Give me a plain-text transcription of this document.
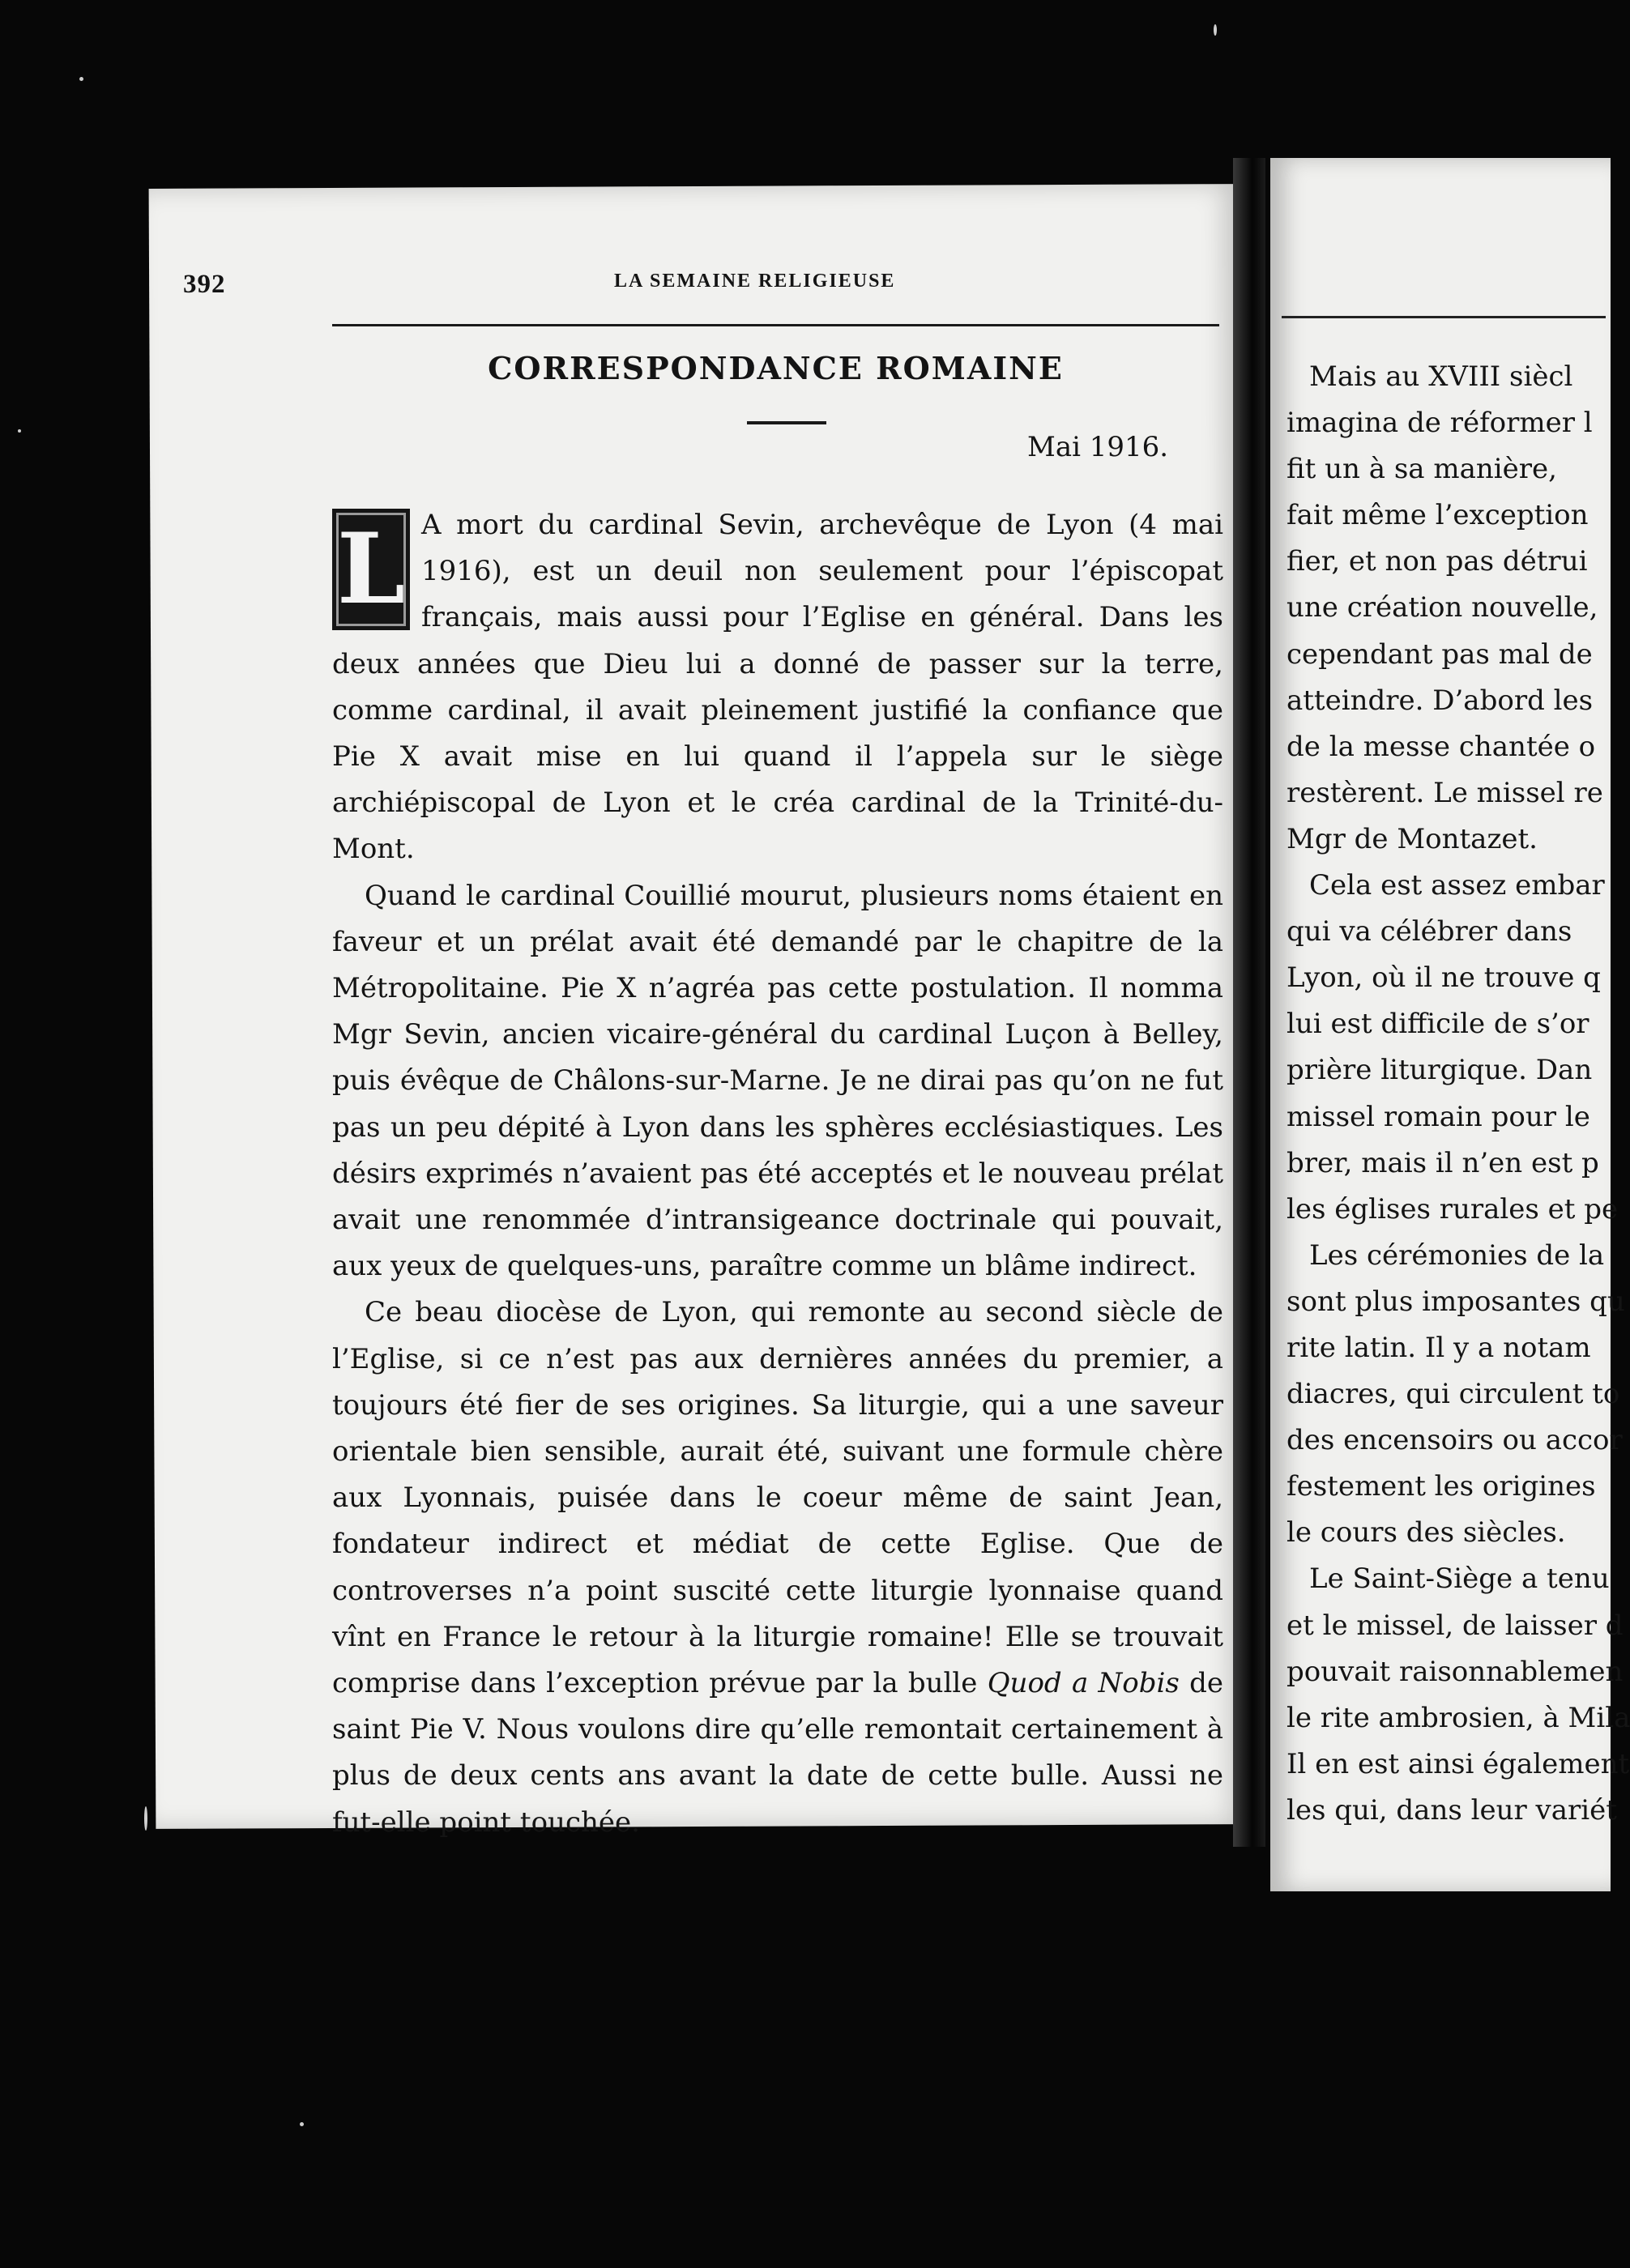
392	LA SEMAINE RELIGIEUSE
CORRESPONDANCE ROMAINE
Mai 1916.

L A mort du cardinal Sevin, archevêque de Lyon (4 mai 1916), est un deuil non seulement pour l’épiscopat français, mais aussi pour l’Eglise en général. Dans les deux années que Dieu lui a donné de passer sur la terre, comme cardinal, il avait pleinement justifié la confiance que Pie X avait mise en lui quand il l’appela sur le siège archiépiscopal de Lyon et le créa cardinal de la Trinité-du-Mont.

Quand le cardinal Couillié mourut, plusieurs noms étaient en faveur et un prélat avait été demandé par le chapitre de la Métropolitaine. Pie X n’agréa pas cette postulation. Il nomma Mgr Sevin, ancien vicaire-général du cardinal Luçon à Belley, puis évêque de Châlons-sur-Marne. Je ne dirai pas qu’on ne fut pas un peu dépité à Lyon dans les sphères ecclésiastiques. Les désirs exprimés n’avaient pas été acceptés et le nouveau prélat avait une renommée d’intransigeance doctrinale qui pouvait, aux yeux de quelques-uns, paraître comme un blâme indirect.

Ce beau diocèse de Lyon, qui remonte au second siècle de l’Eglise, si ce n’est pas aux dernières années du premier, a toujours été fier de ses origines. Sa liturgie, qui a une saveur orientale bien sensible, aurait été, suivant une formule chère aux Lyonnais, puisée dans le coeur même de saint Jean, fondateur indirect et médiat de cette Eglise. Que de controverses n’a point suscité cette liturgie lyonnaise quand vînt en France le retour à la liturgie romaine! Elle se trouvait comprise dans l’exception prévue par la bulle Quod a Nobis de saint Pie V. Nous voulons dire qu’elle remontait certainement à plus de deux cents ans avant la date de cette bulle. Aussi ne fut-elle point touchée.

Mais au XVIII siècl
imagina de réformer l
fit un à sa manière,
fait même l’exception
fier, et non pas détrui
une création nouvelle,
cependant pas mal de
atteindre. D’abord les
de la messe chantée o
restèrent. Le missel re
Mgr de Montazet.
Cela est assez embar
qui va célébrer dans
Lyon, où il ne trouve q
lui est difficile de s’or
prière liturgique. Dan
missel romain pour le
brer, mais il n’en est p
les églises rurales et pe
Les cérémonies de la
sont plus imposantes qu
rite latin. Il y a notam
diacres, qui circulent to
des encensoirs ou accor
festement les origines
le cours des siècles.
Le Saint-Siège a tenu
et le missel, de laisser d
pouvait raisonnablemen
le rite ambrosien, à Mila
Il en est ainsi également
les qui, dans leur variét
